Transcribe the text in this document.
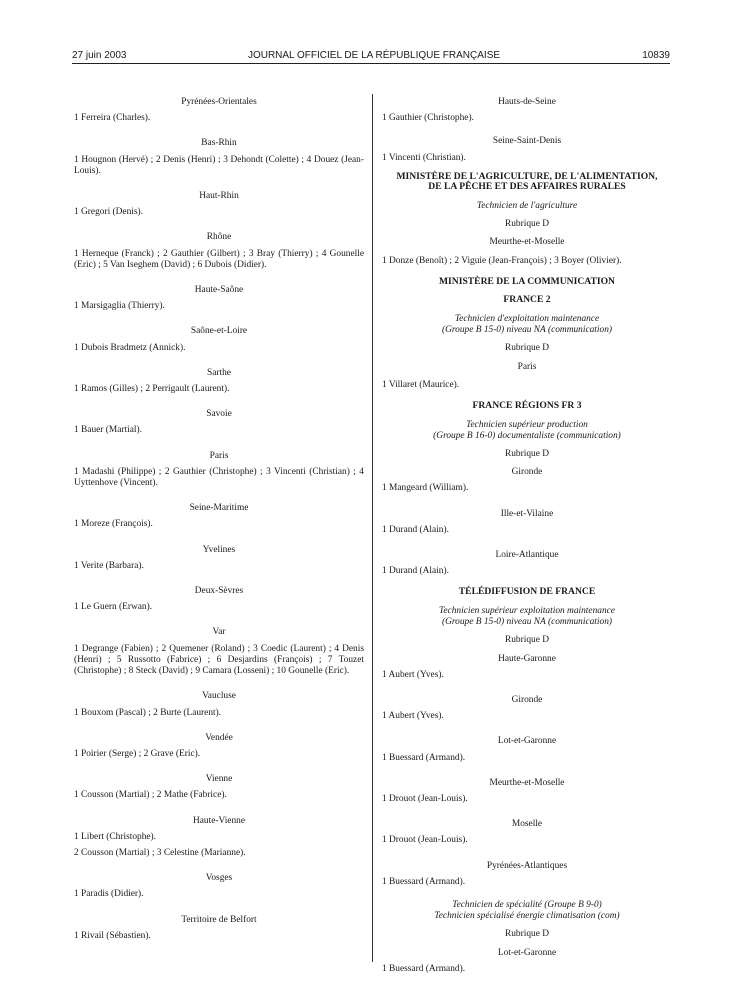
27 juin 2003	JOURNAL OFFICIEL DE LA RÉPUBLIQUE FRANÇAISE	10839

Pyrénées-Orientales

1 Ferreira (Charles).

Bas-Rhin

1 Hougnon (Hervé) ; 2 Denis (Henri) ; 3 Dehondt (Colette) ; 4 Douez (Jean-Louis).

Haut-Rhin

1 Gregori (Denis).

Rhône

1 Herneque (Franck) ; 2 Gauthier (Gilbert) ; 3 Bray (Thierry) ; 4 Gounelle (Eric) ; 5 Van Iseghem (David) ; 6 Dubois (Didier).

Haute-Saône

1 Marsigaglia (Thierry).

Saône-et-Loire

1 Dubois Bradmetz (Annick).

Sarthe

1 Ramos (Gilles) ; 2 Perrigault (Laurent).

Savoie

1 Bauer (Martial).

Paris

1 Madashi (Philippe) ; 2 Gauthier (Christophe) ; 3 Vincenti (Christian) ; 4 Uyttenhove (Vincent).

Seine-Maritime

1 Moreze (François).

Yvelines

1 Verite (Barbara).

Deux-Sèvres

1 Le Guern (Erwan).

Var

1 Degrange (Fabien) ; 2 Quemener (Roland) ; 3 Coedic (Laurent) ; 4 Denis (Henri) ; 5 Russotto (Fabrice) ; 6 Desjardins (François) ; 7 Touzet (Christophe) ; 8 Steck (David) ; 9 Camara (Losseni) ; 10 Gounelle (Eric).

Vaucluse

1 Bouxom (Pascal) ; 2 Burte (Laurent).

Vendée

1 Poirier (Serge) ; 2 Grave (Eric).

Vienne

1 Cousson (Martial) ; 2 Mathe (Fabrice).

Haute-Vienne

1 Libert (Christophe).

2 Cousson (Martial) ; 3 Celestine (Marianne).

Vosges

1 Paradis (Didier).

Territoire de Belfort

1 Rivail (Sébastien).

Hauts-de-Seine

1 Gauthier (Christophe).

Seine-Saint-Denis

1 Vincenti (Christian).

MINISTÈRE DE L'AGRICULTURE, DE L'ALIMENTATION,
DE LA PÊCHE ET DES AFFAIRES RURALES

Technicien de l'agriculture

Rubrique D

Meurthe-et-Moselle

1 Donze (Benoît) ; 2 Viguie (Jean-François) ; 3 Boyer (Olivier).

MINISTÈRE DE LA COMMUNICATION

FRANCE 2

Technicien d'exploitation maintenance
(Groupe B 15-0) niveau NA (communication)

Rubrique D

Paris

1 Villaret (Maurice).

FRANCE RÉGIONS FR 3

Technicien supérieur production
(Groupe B 16-0) documentaliste (communication)

Rubrique D

Gironde

1 Mangeard (William).

Ille-et-Vilaine

1 Durand (Alain).

Loire-Atlantique

1 Durand (Alain).

TÉLÉDIFFUSION DE FRANCE

Technicien supérieur exploitation maintenance
(Groupe B 15-0) niveau NA (communication)

Rubrique D

Haute-Garonne

1 Aubert (Yves).

Gironde

1 Aubert (Yves).

Lot-et-Garonne

1 Buessard (Armand).

Meurthe-et-Moselle

1 Drouot (Jean-Louis).

Moselle

1 Drouot (Jean-Louis).

Pyrénées-Atlantiques

1 Buessard (Armand).

Technicien de spécialité (Groupe B 9-0)
Technicien spécialisé énergie climatisation (com)

Rubrique D

Lot-et-Garonne

1 Buessard (Armand).
